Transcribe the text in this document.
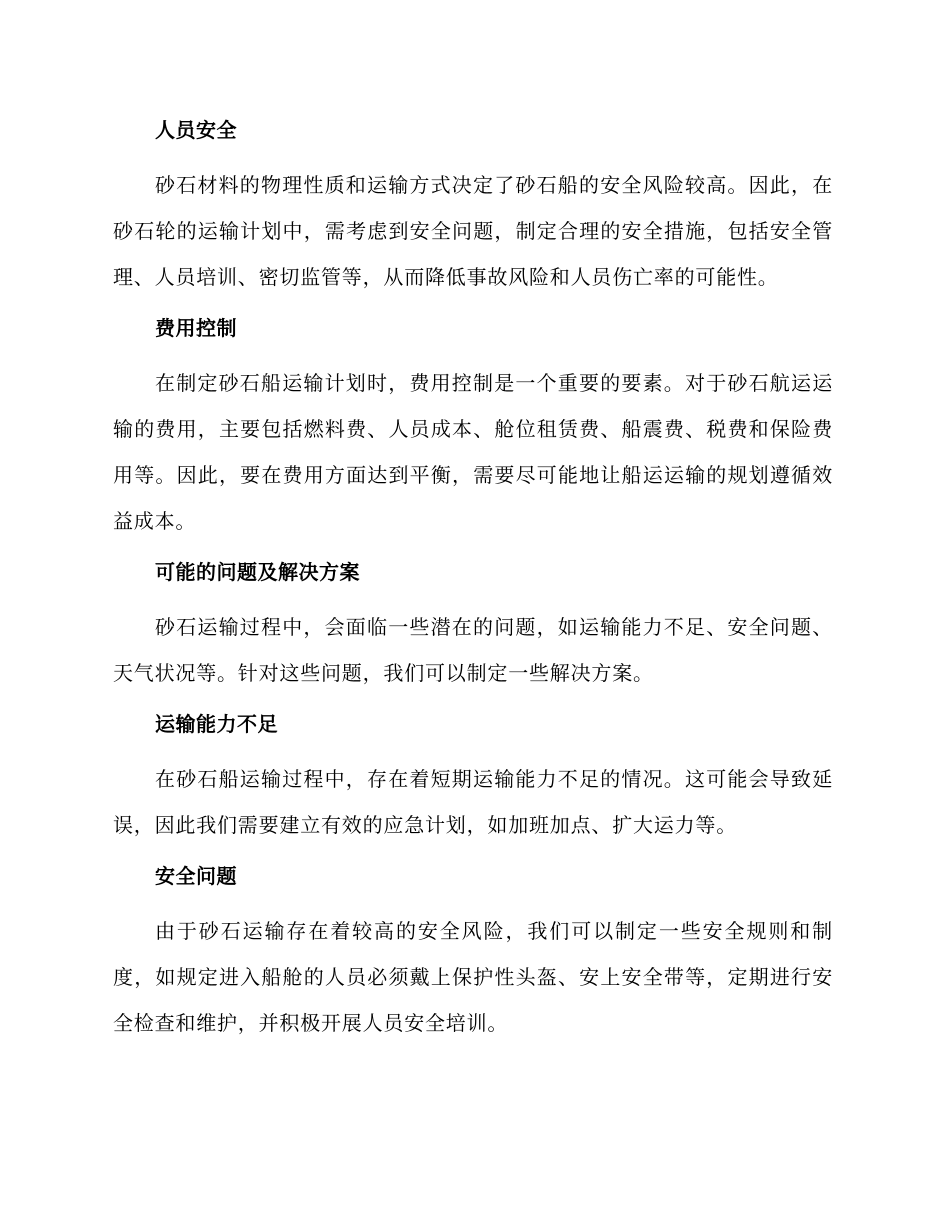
人员安全

砂石材料的物理性质和运输方式决定了砂石船的安全风险较高。因此，在砂石轮的运输计划中，需考虑到安全问题，制定合理的安全措施，包括安全管理、人员培训、密切监管等，从而降低事故风险和人员伤亡率的可能性。

费用控制

在制定砂石船运输计划时，费用控制是一个重要的要素。对于砂石航运运输的费用，主要包括燃料费、人员成本、舱位租赁费、船震费、税费和保险费用等。因此，要在费用方面达到平衡，需要尽可能地让船运运输的规划遵循效益成本。

可能的问题及解决方案

砂石运输过程中，会面临一些潜在的问题，如运输能力不足、安全问题、天气状况等。针对这些问题，我们可以制定一些解决方案。

运输能力不足

在砂石船运输过程中，存在着短期运输能力不足的情况。这可能会导致延误，因此我们需要建立有效的应急计划，如加班加点、扩大运力等。

安全问题

由于砂石运输存在着较高的安全风险，我们可以制定一些安全规则和制度，如规定进入船舱的人员必须戴上保护性头盔、安上安全带等，定期进行安全检查和维护，并积极开展人员安全培训。
